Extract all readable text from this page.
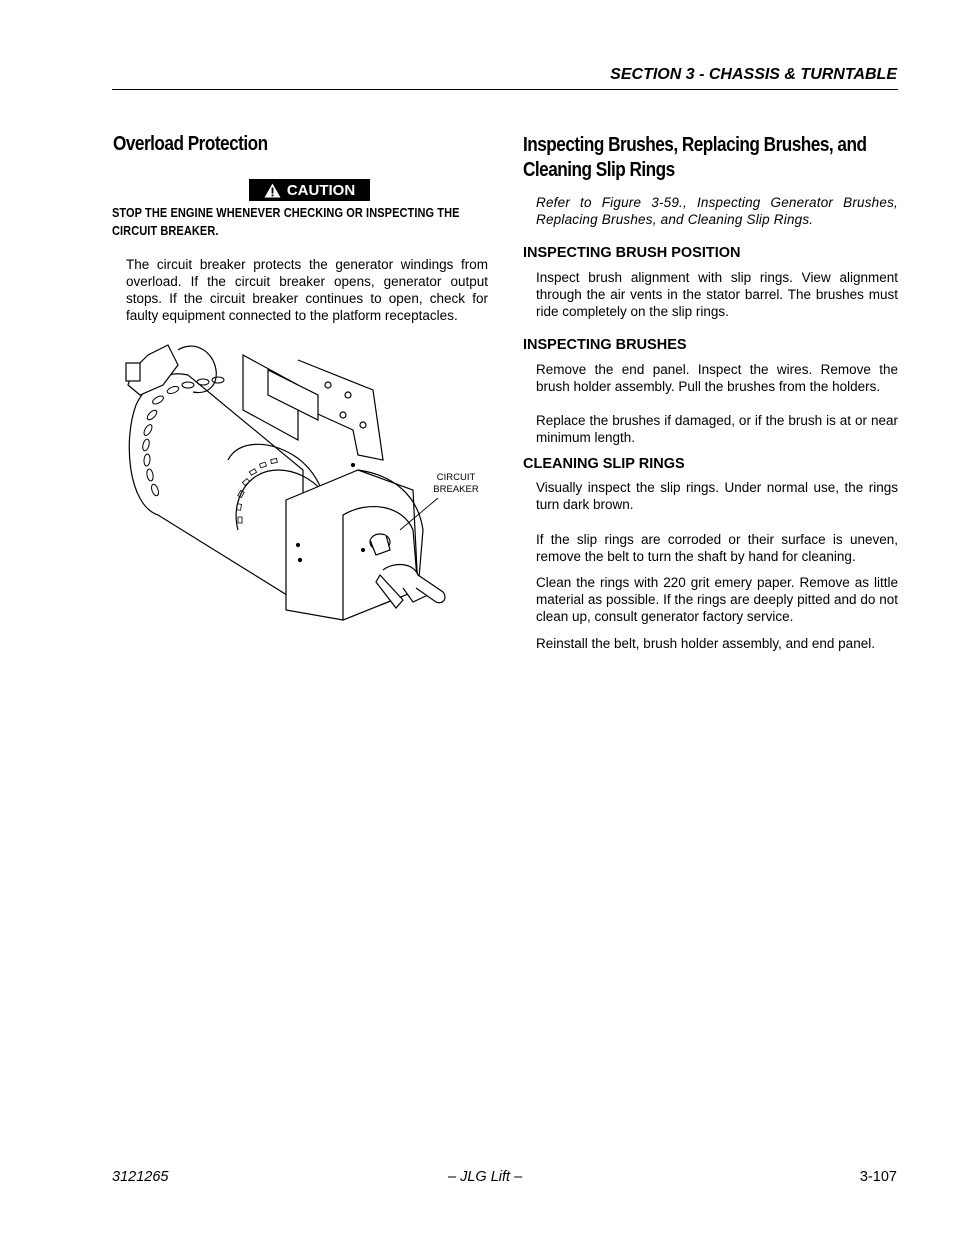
SECTION 3 - CHASSIS & TURNTABLE
Overload Protection
CAUTION
STOP THE ENGINE WHENEVER CHECKING OR INSPECTING THE CIRCUIT BREAKER.
The circuit breaker protects the generator windings from overload. If the circuit breaker opens, generator output stops. If the circuit breaker continues to open, check for faulty equipment connected to the platform receptacles.
CIRCUIT
BREAKER
Inspecting Brushes, Replacing Brushes, and Cleaning Slip Rings
Refer to Figure 3-59., Inspecting Generator Brushes, Replacing Brushes, and Cleaning Slip Rings.
INSPECTING BRUSH POSITION
Inspect brush alignment with slip rings. View alignment through the air vents in the stator barrel. The brushes must ride completely on the slip rings.
INSPECTING BRUSHES
Remove the end panel. Inspect the wires. Remove the brush holder assembly. Pull the brushes from the holders.
Replace the brushes if damaged, or if the brush is at or near minimum length.
CLEANING SLIP RINGS
Visually inspect the slip rings. Under normal use, the rings turn dark brown.
If the slip rings are corroded or their surface is uneven, remove the belt to turn the shaft by hand for cleaning.
Clean the rings with 220 grit emery paper. Remove as little material as possible. If the rings are deeply pitted and do not clean up, consult generator factory service.
Reinstall the belt, brush holder assembly, and end panel.
3121265	– JLG Lift –	3-107
